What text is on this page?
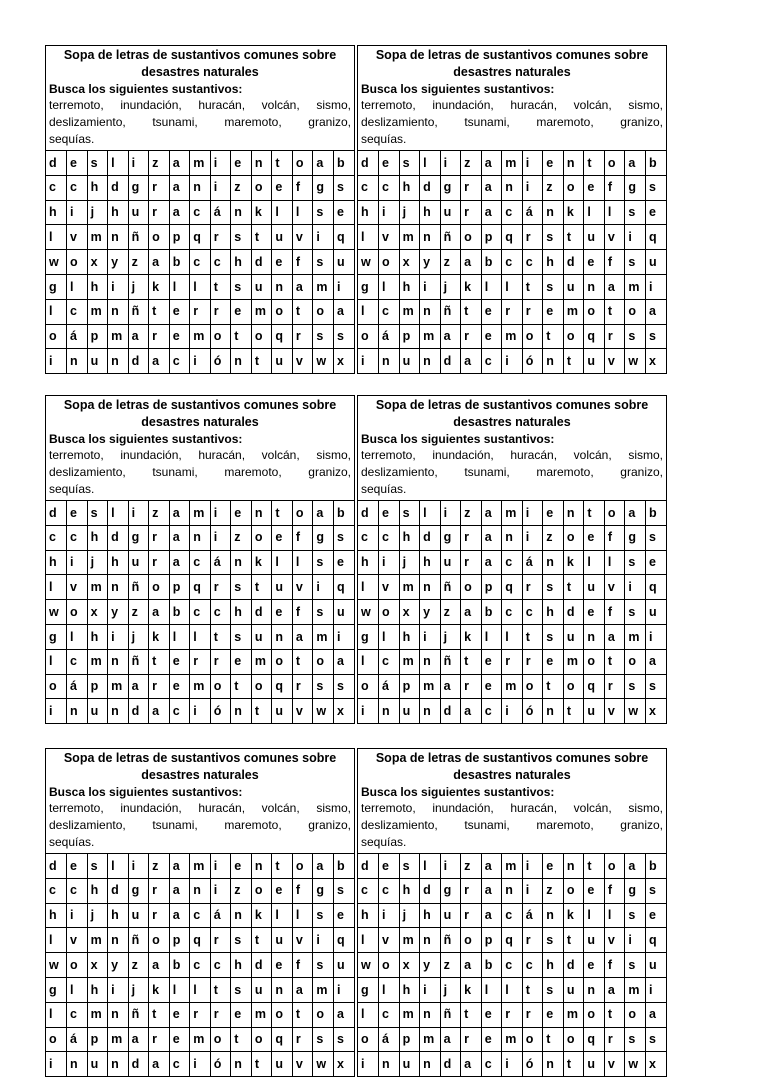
Sopa de letras de sustantivos comunes sobre
desastres naturales
Busca los siguientes sustantivos:
terremoto, inundación, huracán, volcán, sismo,
deslizamiento, tsunami, maremoto, granizo,
sequías.
d	e	s	l	i	z	a	m	i	e	n	t	o	a	b
c	c	h	d	g	r	a	n	i	z	o	e	f	g	s
h	i	j	h	u	r	a	c	á	n	k	l	l	s	e
l	v	m	n	ñ	o	p	q	r	s	t	u	v	i	q
w	o	x	y	z	a	b	c	c	h	d	e	f	s	u
g	l	h	i	j	k	l	l	t	s	u	n	a	m	i
l	c	m	n	ñ	t	e	r	r	e	m	o	t	o	a
o	á	p	m	a	r	e	m	o	t	o	q	r	s	s
i	n	u	n	d	a	c	i	ó	n	t	u	v	w	x
Sopa de letras de sustantivos comunes sobre
desastres naturales
Busca los siguientes sustantivos:
terremoto, inundación, huracán, volcán, sismo,
deslizamiento, tsunami, maremoto, granizo,
sequías.
d	e	s	l	i	z	a	m	i	e	n	t	o	a	b
c	c	h	d	g	r	a	n	i	z	o	e	f	g	s
h	i	j	h	u	r	a	c	á	n	k	l	l	s	e
l	v	m	n	ñ	o	p	q	r	s	t	u	v	i	q
w	o	x	y	z	a	b	c	c	h	d	e	f	s	u
g	l	h	i	j	k	l	l	t	s	u	n	a	m	i
l	c	m	n	ñ	t	e	r	r	e	m	o	t	o	a
o	á	p	m	a	r	e	m	o	t	o	q	r	s	s
i	n	u	n	d	a	c	i	ó	n	t	u	v	w	x
Sopa de letras de sustantivos comunes sobre
desastres naturales
Busca los siguientes sustantivos:
terremoto, inundación, huracán, volcán, sismo,
deslizamiento, tsunami, maremoto, granizo,
sequías.
d	e	s	l	i	z	a	m	i	e	n	t	o	a	b
c	c	h	d	g	r	a	n	i	z	o	e	f	g	s
h	i	j	h	u	r	a	c	á	n	k	l	l	s	e
l	v	m	n	ñ	o	p	q	r	s	t	u	v	i	q
w	o	x	y	z	a	b	c	c	h	d	e	f	s	u
g	l	h	i	j	k	l	l	t	s	u	n	a	m	i
l	c	m	n	ñ	t	e	r	r	e	m	o	t	o	a
o	á	p	m	a	r	e	m	o	t	o	q	r	s	s
i	n	u	n	d	a	c	i	ó	n	t	u	v	w	x
Sopa de letras de sustantivos comunes sobre
desastres naturales
Busca los siguientes sustantivos:
terremoto, inundación, huracán, volcán, sismo,
deslizamiento, tsunami, maremoto, granizo,
sequías.
d	e	s	l	i	z	a	m	i	e	n	t	o	a	b
c	c	h	d	g	r	a	n	i	z	o	e	f	g	s
h	i	j	h	u	r	a	c	á	n	k	l	l	s	e
l	v	m	n	ñ	o	p	q	r	s	t	u	v	i	q
w	o	x	y	z	a	b	c	c	h	d	e	f	s	u
g	l	h	i	j	k	l	l	t	s	u	n	a	m	i
l	c	m	n	ñ	t	e	r	r	e	m	o	t	o	a
o	á	p	m	a	r	e	m	o	t	o	q	r	s	s
i	n	u	n	d	a	c	i	ó	n	t	u	v	w	x
Sopa de letras de sustantivos comunes sobre
desastres naturales
Busca los siguientes sustantivos:
terremoto, inundación, huracán, volcán, sismo,
deslizamiento, tsunami, maremoto, granizo,
sequías.
d	e	s	l	i	z	a	m	i	e	n	t	o	a	b
c	c	h	d	g	r	a	n	i	z	o	e	f	g	s
h	i	j	h	u	r	a	c	á	n	k	l	l	s	e
l	v	m	n	ñ	o	p	q	r	s	t	u	v	i	q
w	o	x	y	z	a	b	c	c	h	d	e	f	s	u
g	l	h	i	j	k	l	l	t	s	u	n	a	m	i
l	c	m	n	ñ	t	e	r	r	e	m	o	t	o	a
o	á	p	m	a	r	e	m	o	t	o	q	r	s	s
i	n	u	n	d	a	c	i	ó	n	t	u	v	w	x
Sopa de letras de sustantivos comunes sobre
desastres naturales
Busca los siguientes sustantivos:
terremoto, inundación, huracán, volcán, sismo,
deslizamiento, tsunami, maremoto, granizo,
sequías.
d	e	s	l	i	z	a	m	i	e	n	t	o	a	b
c	c	h	d	g	r	a	n	i	z	o	e	f	g	s
h	i	j	h	u	r	a	c	á	n	k	l	l	s	e
l	v	m	n	ñ	o	p	q	r	s	t	u	v	i	q
w	o	x	y	z	a	b	c	c	h	d	e	f	s	u
g	l	h	i	j	k	l	l	t	s	u	n	a	m	i
l	c	m	n	ñ	t	e	r	r	e	m	o	t	o	a
o	á	p	m	a	r	e	m	o	t	o	q	r	s	s
i	n	u	n	d	a	c	i	ó	n	t	u	v	w	x
